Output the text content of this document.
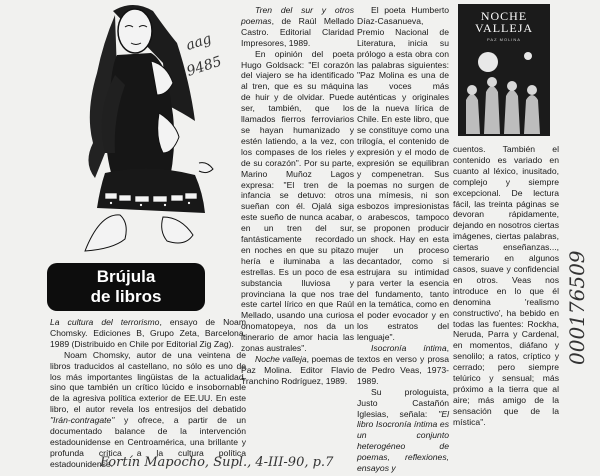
aag
9485
Brújula
de libros

La cultura del terrorismo, ensayo de Noam Chomsky. Ediciones B, Grupo Zeta, Barcelona, 1989 (Distribuido en Chile por Editorial Zig Zag).

Noam Chomsky, autor de una veintena de libros traducidos al castellano, no sólo es uno de los más importantes lingüistas de la actualidad, sino que también un crítico lúcido e insobornable de la agresiva política exterior de EE.UU. En este libro, el autor revela los entresijos del debatido "Irán-contragate" y ofrece, a partir de un documentado balance de la intervención estadounidense en Centroamérica, una brillante y profunda crítica a la cultura política estadounidense.

Tren del sur y otros poemas, de Raúl Mellado Castro. Editorial Claridad Impresores, 1989.

En opinión del poeta Hugo Goldsack: "El corazón del viajero se ha identificado al tren, que es su máquina de huir y de olvidar. Puede ser, también, que los llamados fierros ferroviarios se hayan humanizado y estén latiendo, a la vez, con los compases de los rieles y de su corazón". Por su parte, Marino Muñoz Lagos expresa: "El tren de la infancia se detuvo: otros sueñan con él. Ojalá siga este sueño de nunca acabar, en un tren del sur, fantásticamente recordado en noches en que su pitazo hería e iluminaba a las estrellas. Es un poco de esa substancia lluviosa y provinciana la que nos trae este cartel lírico en que Raúl Mellado, usando una curiosa onomatopeya, nos da un itinerario de amor hacia las zonas australes".

Noche valleja, poemas de Paz Molina. Editor Flavio Tranchino Rodríguez, 1989.

El poeta Humberto Díaz-Casanueva, Premio Nacional de Literatura, inicia su prólogo a esta obra con las palabras siguientes: "Paz Molina es una de las voces más auténticas y originales de la nueva lírica de Chile. En este libro, que se constituye como una trilogía, el contenido de expresión y el modo de expresión se equilibran y compenetran. Sus poemas no surgen de una mímesis, ni son esbozos impresionistas o arabescos, tampoco se proponen producir un shock. Hay en esta mujer un proceso decantador, como si estrujara su intimidad para verter la esencia del fundamento, tanto en la temática, como en el poder evocador y en los estratos del lenguaje".

Isocronía íntima, textos en verso y prosa de Pedro Veas, 1973-1989.

Su prologuista, Justo Castañón Iglesias, señala: "El libro Isocronía íntima es un conjunto heterogéneo de poemas, reflexiones, ensayos y

NOCHE
VALLEJA
PAZ MOLINA

cuentos. También el contenido es variado en cuanto al léxico, inusitado, complejo y siempre excepcional. De lectura fácil, las treinta páginas se devoran rápidamente, dejando en nosotros ciertas imágenes, ciertas palabras, ciertas enseñanzas..., temerario en algunos casos, suave y confidencial en otros. Veas nos introduce en lo que él denomina 'realismo constructivo', ha bebido en todas las fuentes: Rockha, Neruda, Parra y Cardenal, en momentos, diáfano y senolilo; a ratos, críptico y cerrado; pero siempre telúrico y sensual; más próximo a la tierra que al aire; más amigo de la sensación que de la mística".

000176509
Fortín Mapocho, Supl., 4-III-90, p.7
